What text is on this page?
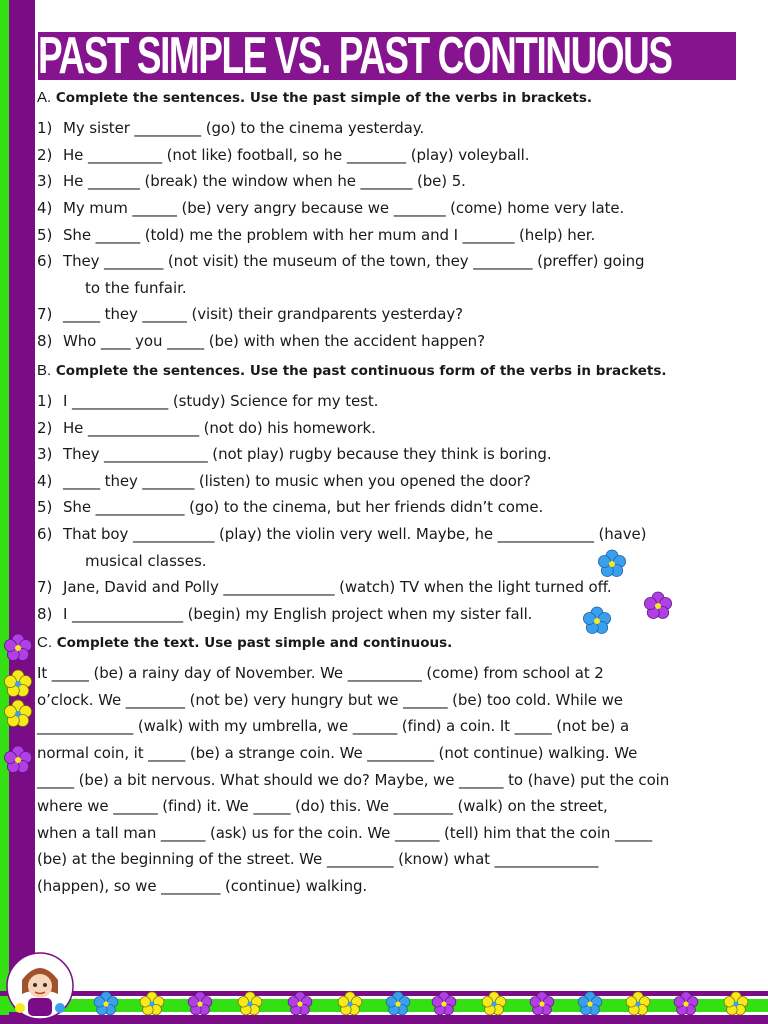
PAST SIMPLE VS. PAST CONTINUOUS
A. Complete the sentences. Use the past simple of the verbs in brackets.
1) My sister _________ (go) to the cinema yesterday.
2) He __________ (not like) football, so he ________ (play) voleyball.
3) He _______ (break) the window when he _______ (be) 5.
4) My mum ______ (be) very angry because we _______ (come) home very late.
5) She ______ (told) me the problem with her mum and I _______ (help) her.
6) They ________ (not visit) the museum of the town, they ________ (preffer) going
to the funfair.
7) _____ they ______ (visit) their grandparents yesterday?
8) Who ____ you _____ (be) with when the accident happen?
B. Complete the sentences. Use the past continuous form of the verbs in brackets.
1) I _____________ (study) Science for my test.
2) He _______________ (not do) his homework.
3) They ______________ (not play) rugby because they think is boring.
4) _____ they _______ (listen) to music when you opened the door?
5) She ____________ (go) to the cinema, but her friends didn’t come.
6) That boy ___________ (play) the violin very well. Maybe, he _____________ (have)
musical classes.
7) Jane, David and Polly _______________ (watch) TV when the light turned off.
8) I _______________ (begin) my English project when my sister fall.
C. Complete the text. Use past simple and continuous.
It _____ (be) a rainy day of November. We __________ (come) from school at 2
o’clock. We ________ (not be) very hungry but we ______ (be) too cold. While we
_____________ (walk) with my umbrella, we ______ (find) a coin. It _____ (not be) a
normal coin, it _____ (be) a strange coin. We _________ (not continue) walking. We
_____ (be) a bit nervous. What should we do? Maybe, we ______ to (have) put the coin
where we ______ (find) it. We _____ (do) this. We ________ (walk) on the street,
when a tall man ______ (ask) us for the coin. We ______ (tell) him that the coin _____
(be) at the beginning of the street. We _________ (know) what ______________
(happen), so we ________ (continue) walking.
